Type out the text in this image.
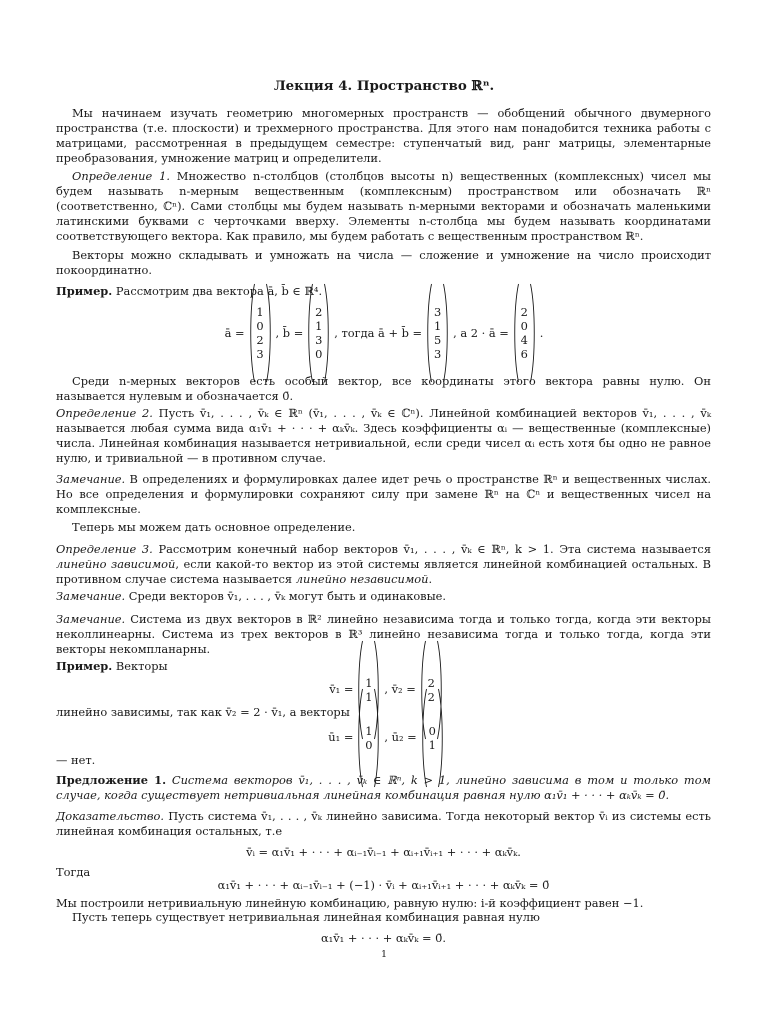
Лекция 4. Пространство ℝⁿ.
Мы начинаем изучать геометрию многомерных пространств — обобщений обычного двумерного пространства (т.е. плоскости) и трехмерного пространства. Для этого нам понадобится техника работы с матрицами, рассмотренная в предыдущем семестре: ступенчатый вид, ранг матрицы, элементарные преобразования, умножение матриц и определители.
Определение 1. Множество n-столбцов (столбцов высоты n) вещественных (комплексных) чисел мы будем называть n-мерным вещественным (комплексным) пространством или обозначать ℝⁿ (соответственно, ℂⁿ). Сами столбцы мы будем называть n-мерными векторами и обозначать маленькими латинскими буквами с черточками вверху. Элементы n-столбца мы будем называть координатами соответствующего вектора. Как правило, мы будем работать с вещественным пространством ℝⁿ.
Векторы можно складывать и умножать на числа — сложение и умножение на число происходит покоординатно.
Пример. Рассмотрим два вектора ā, b̄ ∈ ℝ⁴.
ā =
1
0
2
3
, b̄ =
2
1
3
0
, тогда ā + b̄ =
3
1
5
3
, а 2 · ā =
2
0
4
6
.
Среди n-мерных векторов есть особый вектор, все координаты этого вектора равны нулю. Он называется нулевым и обозначается 0̄.
Определение 2. Пусть v̄₁, . . . , v̄ₖ ∈ ℝⁿ (v̄₁, . . . , v̄ₖ ∈ ℂⁿ). Линейной комбинацией векторов v̄₁, . . . , v̄ₖ называется любая сумма вида α₁v̄₁ + · · · + αₖv̄ₖ. Здесь коэффициенты αᵢ — вещественные (комплексные) числа. Линейная комбинация называется нетривиальной, если среди чисел αᵢ есть хотя бы одно не равное нулю, и тривиальной — в противном случае.
Замечание. В определениях и формулировках далее идет речь о пространстве ℝⁿ и вещественных числах. Но все определения и формулировки сохраняют силу при замене ℝⁿ на ℂⁿ и вещественных чисел на комплексные.
Теперь мы можем дать основное определение.
Определение 3. Рассмотрим конечный набор векторов v̄₁, . . . , v̄ₖ ∈ ℝⁿ, k > 1. Эта система называется линейно зависимой, если какой-то вектор из этой системы является линейной комбинацией остальных. В противном случае система называется линейно независимой.
Замечание. Среди векторов v̄₁, . . . , v̄ₖ могут быть и одинаковые.
Замечание. Система из двух векторов в ℝ² линейно независима тогда и только тогда, когда эти векторы неколлинеарны. Система из трех векторов в ℝ³ линейно независима тогда и только тогда, когда эти векторы некомпланарны.
Пример. Векторы
v̄₁ =	1
1
, v̄₂ =	2
2
линейно зависимы, так как v̄₂ = 2 · v̄₁, а векторы
ū₁ =	1
0
, ū₂ =	0
1
— нет.
Предложение 1. Система векторов v̄₁, . . . , v̄ₖ ∈ ℝⁿ, k > 1, линейно зависима в том и только том случае, когда существует нетривиальная линейная комбинация равная нулю α₁v̄₁ + · · · + αₖv̄ₖ = 0̄.
Доказательство. Пусть система v̄₁, . . . , v̄ₖ линейно зависима. Тогда некоторый вектор v̄ᵢ из системы есть линейная комбинация остальных, т.е
v̄ᵢ = α₁v̄₁ + · · · + αᵢ₋₁v̄ᵢ₋₁ + αᵢ₊₁v̄ᵢ₊₁ + · · · + αₖv̄ₖ.
Тогда
α₁v̄₁ + · · · + αᵢ₋₁v̄ᵢ₋₁ + (−1) · v̄ᵢ + αᵢ₊₁v̄ᵢ₊₁ + · · · + αₖv̄ₖ = 0̄
Мы построили нетривиальную линейную комбинацию, равную нулю: i-й коэффициент равен −1.
Пусть теперь существует нетривиальная линейная комбинация равная нулю
α₁v̄₁ + · · · + αₖv̄ₖ = 0̄.
1
